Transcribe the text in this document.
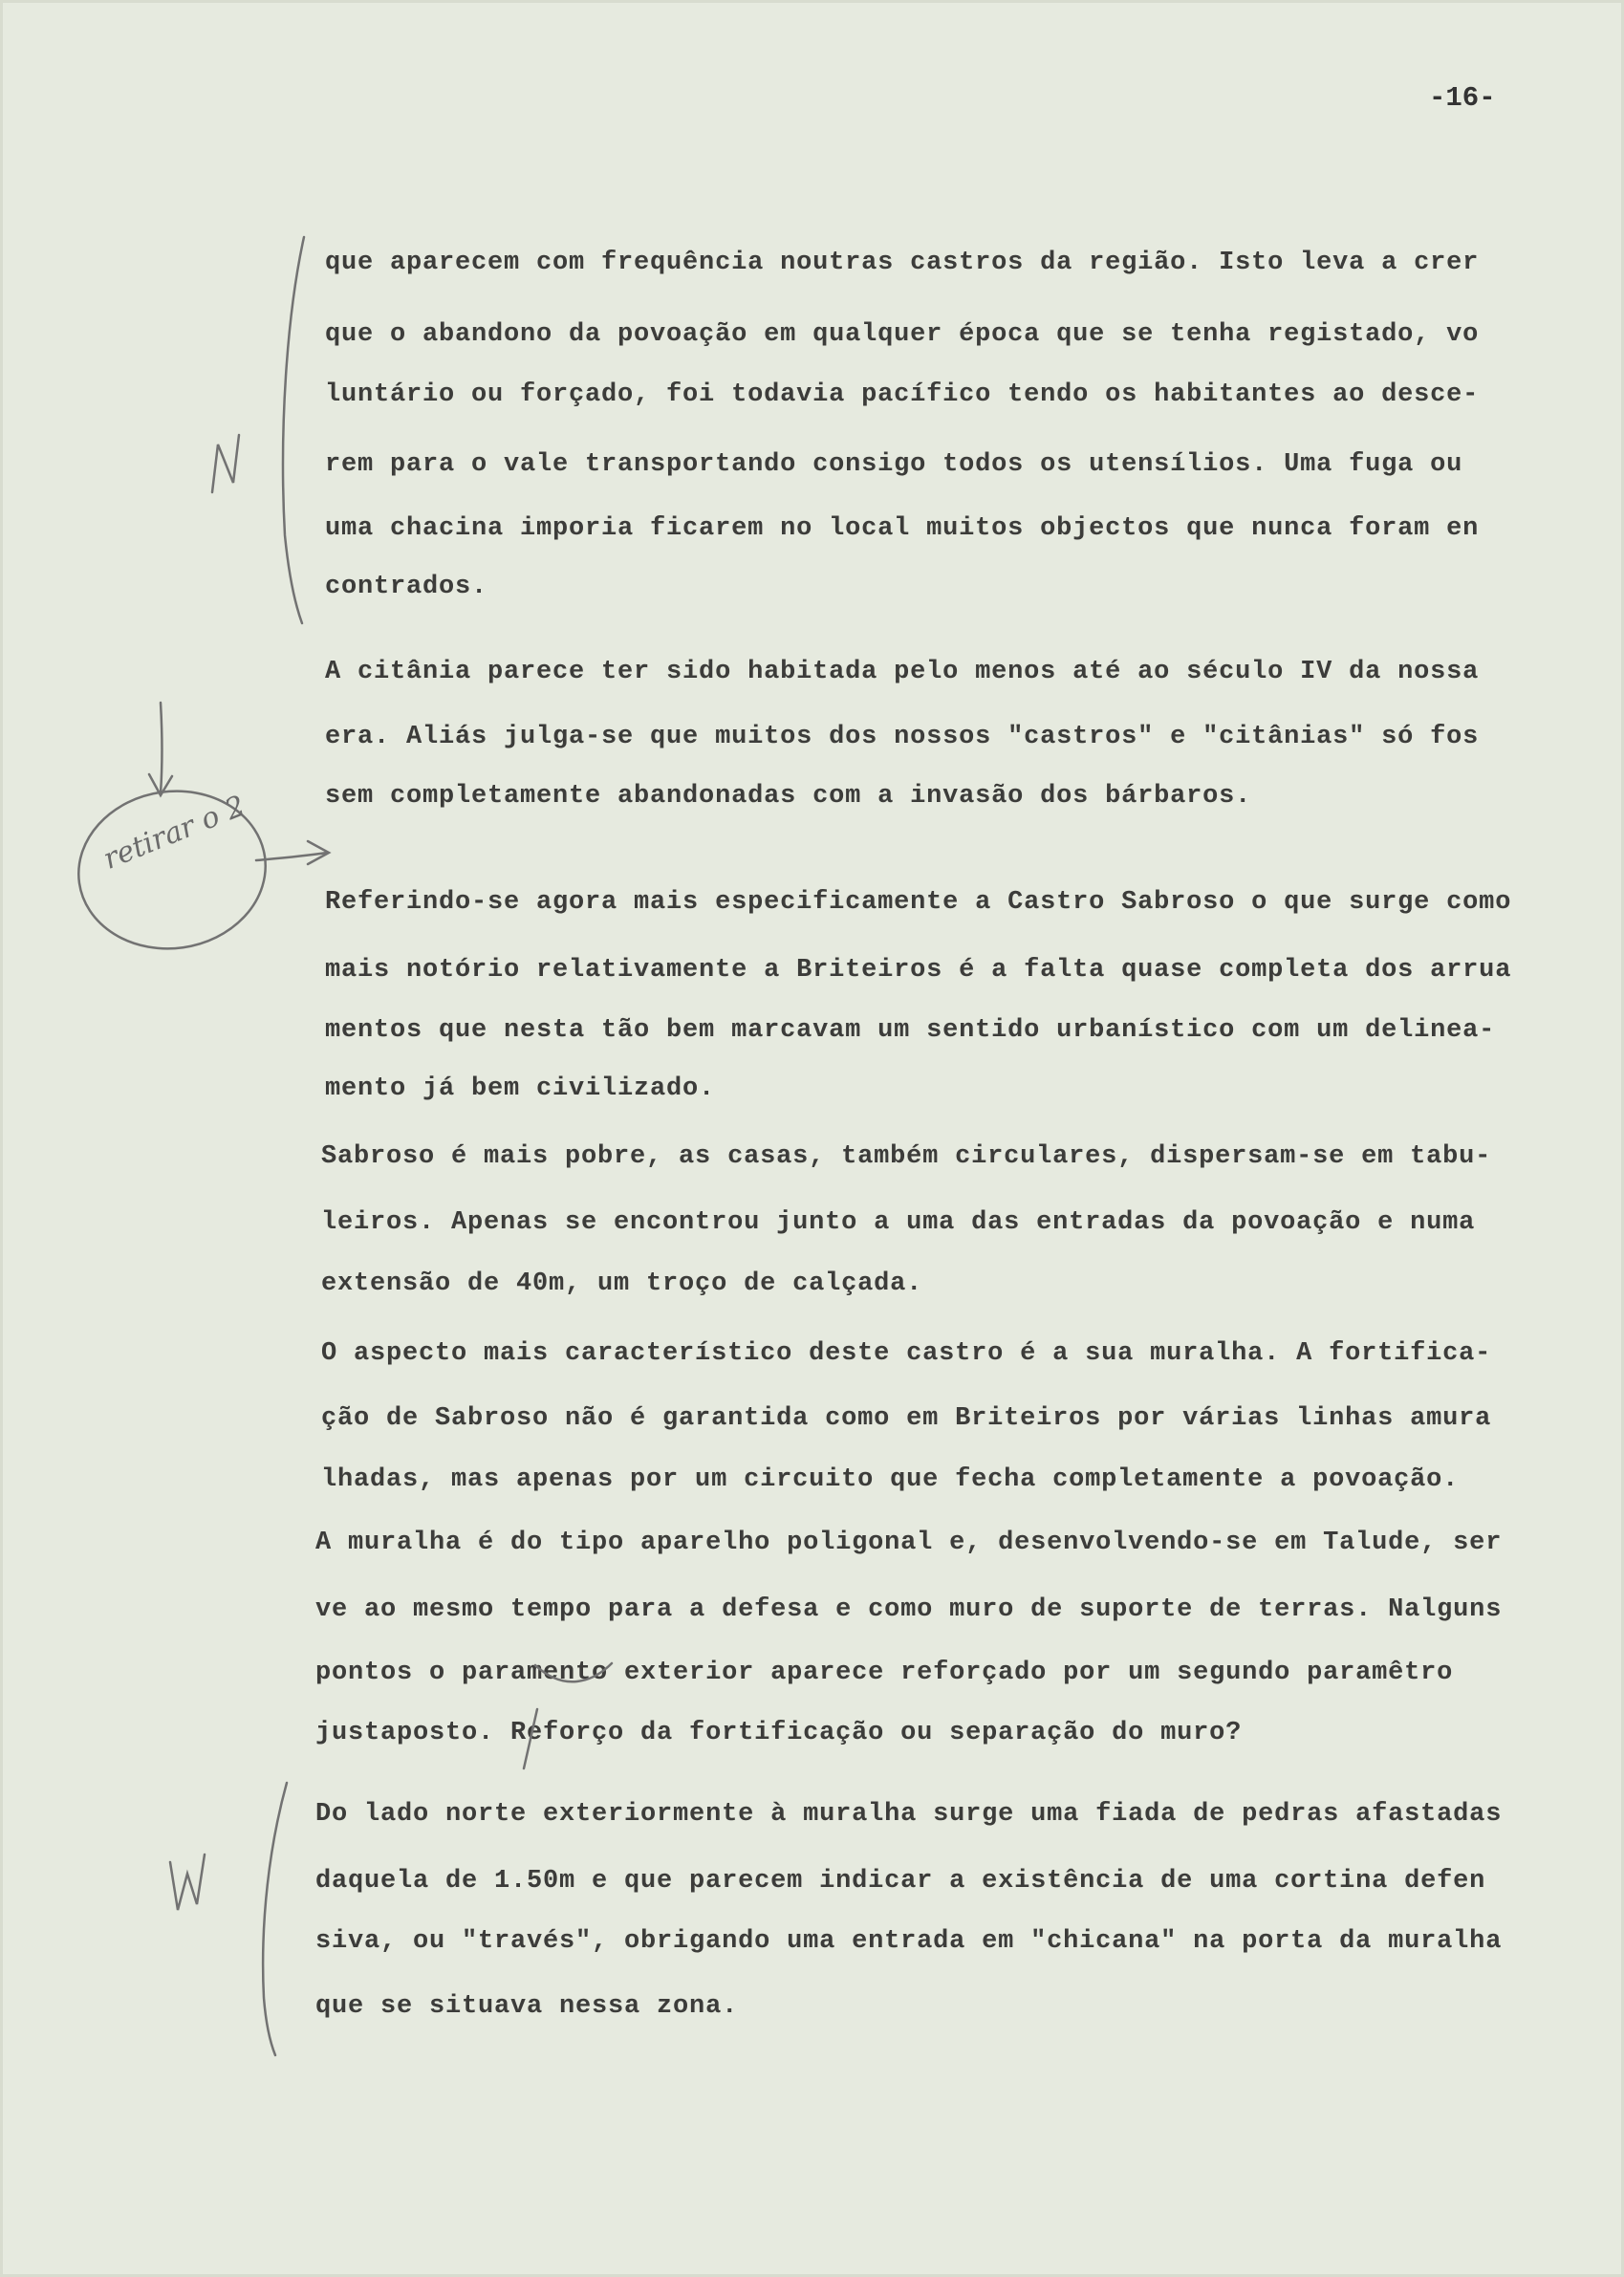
-16-
que aparecem com frequência noutras castros da região. Isto leva a crer
que o abandono da povoação em qualquer época que se tenha registado, vo
luntário ou forçado, foi todavia pacífico tendo os habitantes ao desce-
rem para o vale transportando consigo todos os utensílios. Uma fuga ou
uma chacina imporia ficarem no local muitos objectos que nunca foram en
contrados.
A citânia parece ter sido habitada pelo menos até ao século IV da nossa
era. Aliás julga-se que muitos dos nossos "castros" e "citânias" só fos
sem completamente abandonadas com a invasão dos bárbaros.
Referindo-se agora mais especificamente a Castro Sabroso o que surge como
mais notório relativamente a Briteiros é a falta quase completa dos arrua
mentos que nesta tão bem marcavam um sentido urbanístico com um delinea-
mento já bem civilizado.
Sabroso é mais pobre, as casas, também circulares, dispersam-se em tabu-
leiros. Apenas se encontrou junto a uma das entradas da povoação e numa
extensão de 40m, um troço de calçada.
O aspecto mais característico deste castro é a sua muralha. A fortifica-
ção de Sabroso não é garantida como em Briteiros por várias linhas amura
lhadas, mas apenas por um circuito que fecha completamente a povoação.
A muralha é do tipo aparelho poligonal e, desenvolvendo-se em Talude, ser
ve ao mesmo tempo para a defesa e como muro de suporte de terras. Nalguns
pontos o paramento exterior aparece reforçado por um segundo paramêtro
justaposto. Reforço da fortificação ou separação do muro?
Do lado norte exteriormente à muralha surge uma fiada de pedras afastadas
daquela de 1.50m e que parecem indicar a existência de uma cortina defen
siva, ou "través", obrigando uma entrada em "chicana" na porta da muralha
que se situava nessa zona.
retirar o 2
